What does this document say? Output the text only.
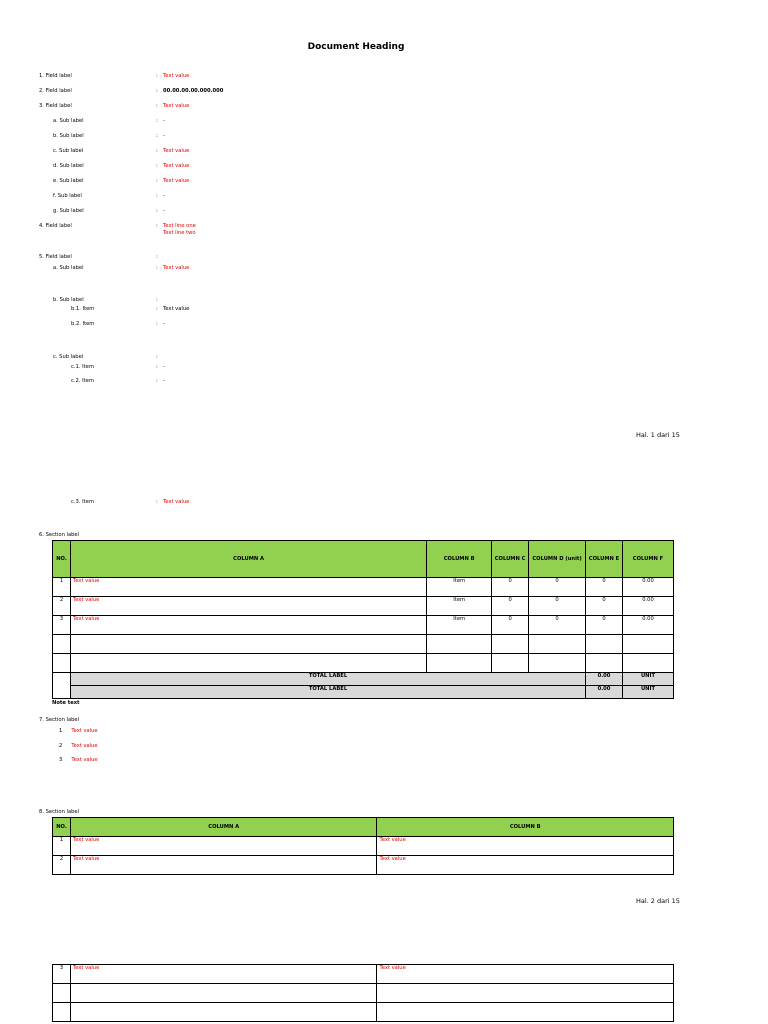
Document Heading
1. Field label	: Text value
2. Field label	: 00.00.00.00.000.000
3. Field label	: Text value
a. Sub label	: -
b. Sub label	: -
c. Sub label	: Text value
d. Sub label	: Text value
e. Sub label	: Text value
f. Sub label	: -
g. Sub label	: -
4. Field label	: Text line one
Text line two
5. Field label	:
a. Sub label	: Text value
b. Sub label	:
b.1. Item	: Text value
b.2. Item	: -
c. Sub label	:
c.1. Item	: -
c.2. Item	: -
Hal. 1 dari 15
c.3. Item	: Text value
6. Section label
NO.	COLUMN A	COLUMN B	COLUMN C	COLUMN D (unit)	COLUMN E	COLUMN F
1	Text value	Item	0	0	0	0.00
2	Text value	Item	0	0	0	0.00
3	Text value	Item	0	0	0	0.00

	TOTAL LABEL				0.00	UNIT
	TOTAL LABEL				0.00	UNIT
Note text
7. Section label
1 Text value
2 Text value
3 Text value
8. Section label
NO.	COLUMN A	COLUMN B
1	Text value	Text value
2	Text value	Text value
Hal. 2 dari 15
3	Text value	Text value
